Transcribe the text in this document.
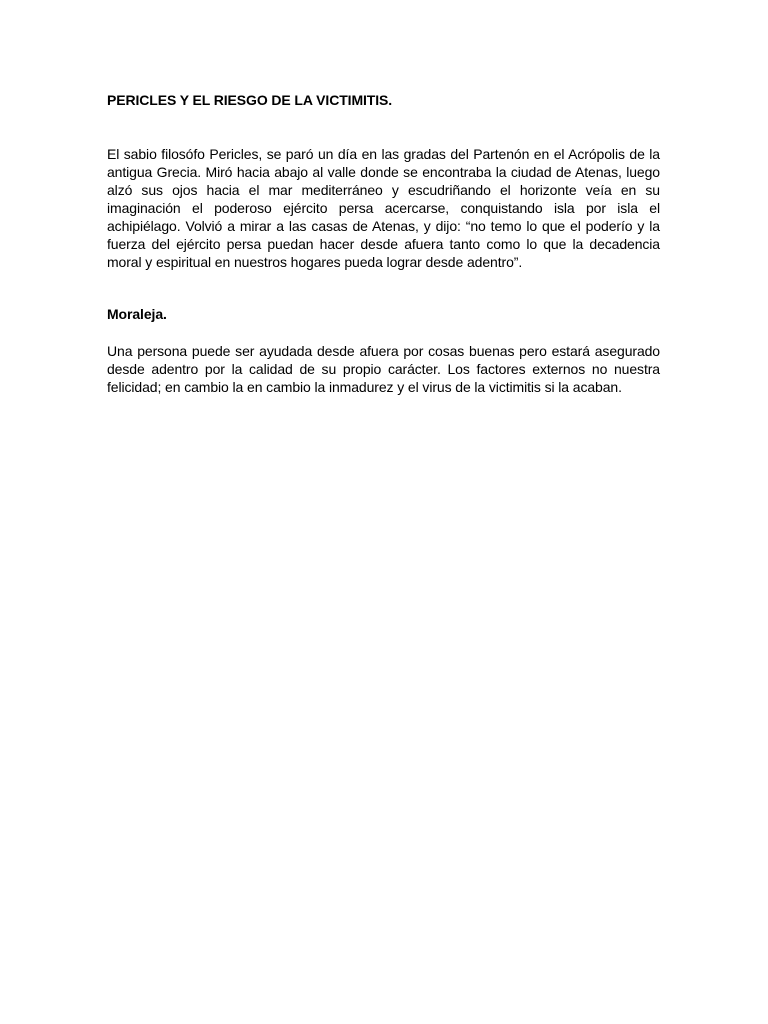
PERICLES Y EL RIESGO DE LA VICTIMITIS.

El sabio filosófo Pericles, se paró un día en las gradas del Partenón en el Acrópolis de la antigua Grecia. Miró hacia abajo al valle donde se encontraba la ciudad de Atenas, luego alzó sus ojos hacia el mar mediterráneo y escudriñando el horizonte veía en su imaginación el poderoso ejército persa acercarse, conquistando isla por isla el achipiélago. Volvió a mirar a las casas de Atenas, y dijo: “no temo lo que el poderío y la fuerza del ejército persa puedan hacer desde afuera tanto como lo que la decadencia moral y espiritual en nuestros hogares pueda lograr desde adentro”.

Moraleja.

Una persona puede ser ayudada desde afuera por cosas buenas pero estará asegurado desde adentro por la calidad de su propio carácter. Los factores externos no nuestra felicidad; en cambio la en cambio la inmadurez y el virus de la victimitis si la acaban.
